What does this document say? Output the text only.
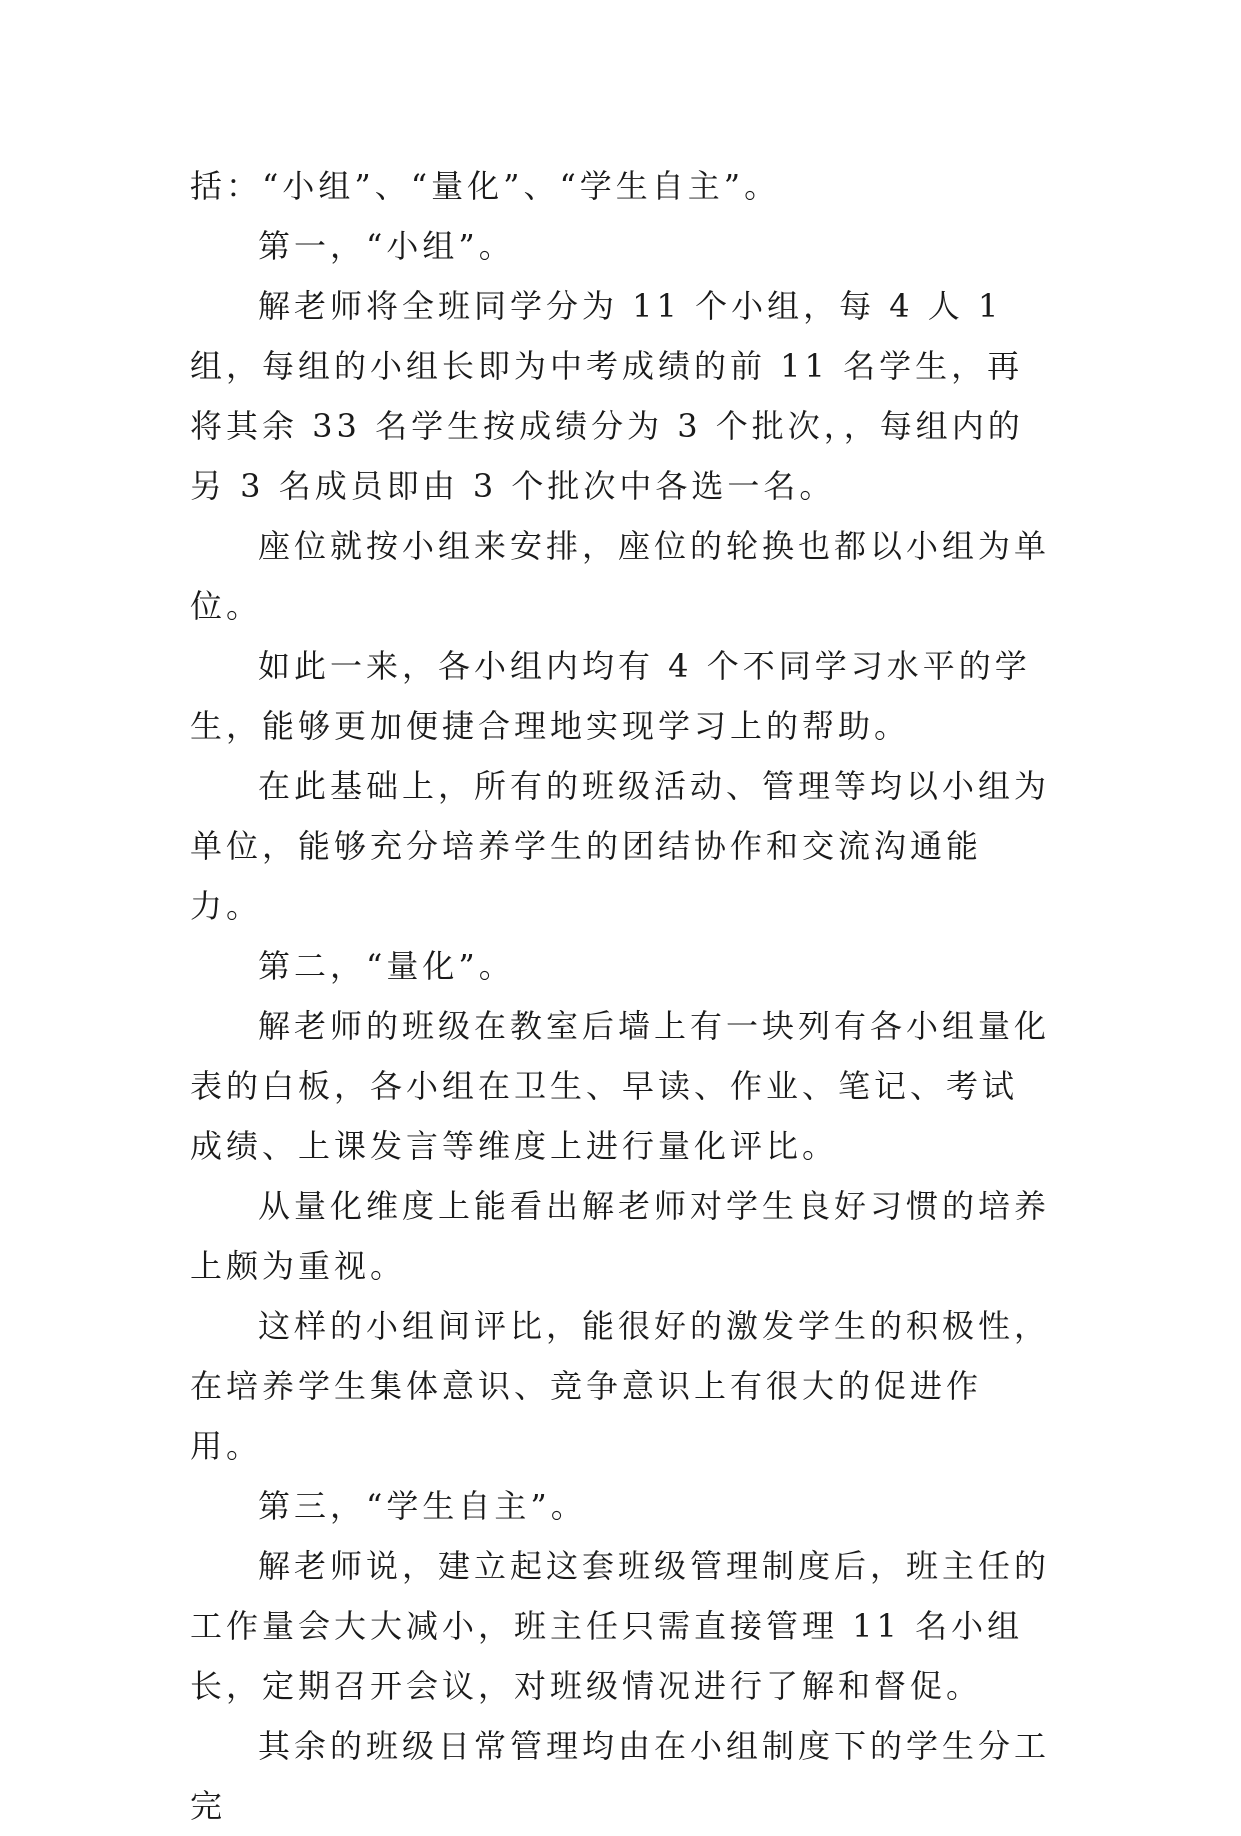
括：“小组”、“量化”、“学生自主”。

第一，“小组”。

解老师将全班同学分为 11 个小组，每 4 人 1 组，每组的小组长即为中考成绩的前 11 名学生，再将其余 33 名学生按成绩分为 3 个批次，，每组内的另 3 名成员即由 3 个批次中各选一名。

座位就按小组来安排，座位的轮换也都以小组为单位。

如此一来，各小组内均有 4 个不同学习水平的学生，能够更加便捷合理地实现学习上的帮助。

在此基础上，所有的班级活动、管理等均以小组为单位，能够充分培养学生的团结协作和交流沟通能力。

第二，“量化”。

解老师的班级在教室后墙上有一块列有各小组量化表的白板，各小组在卫生、早读、作业、笔记、考试成绩、上课发言等维度上进行量化评比。

从量化维度上能看出解老师对学生良好习惯的培养上颇为重视。

这样的小组间评比，能很好的激发学生的积极性，在培养学生集体意识、竞争意识上有很大的促进作用。

第三，“学生自主”。

解老师说，建立起这套班级管理制度后，班主任的工作量会大大减小，班主任只需直接管理 11 名小组长，定期召开会议，对班级情况进行了解和督促。

其余的班级日常管理均由在小组制度下的学生分工完
